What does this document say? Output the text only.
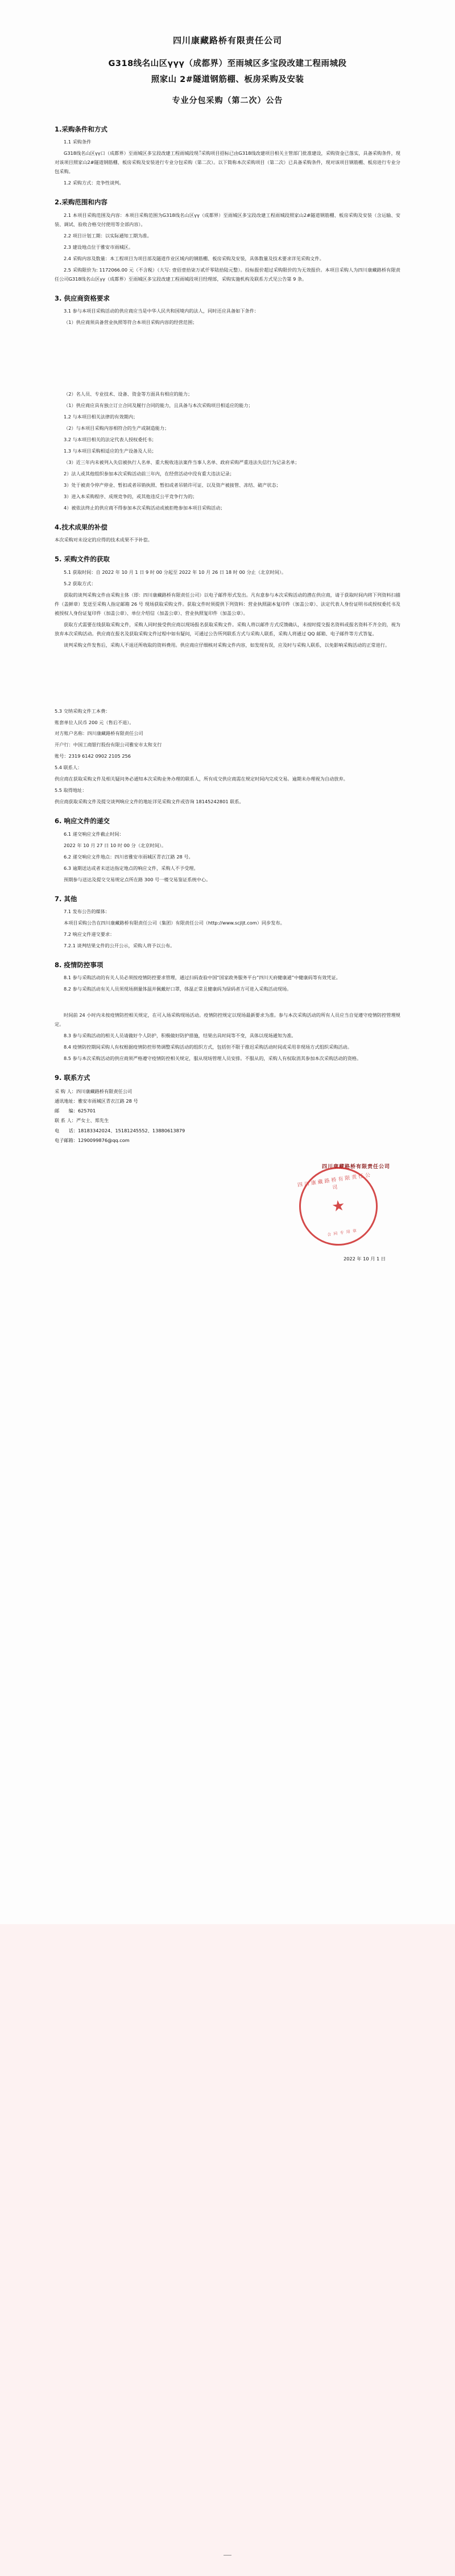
四川康藏路桥有限责任公司
G318线名山区үүү（成都界）至雨城区多宝段改建工程雨城段
照家山 2#隧道钢筋棚、板房采购及安装
专业分包采购（第二次）公告
1.采购条件和方式

1.1 采购条件

G318线名山区үү口（成都界）至雨城区多宝段改建工程雨城段现ँ采购项目招标已由G318线改建项目相关主管部门批准建设，采购资金已落实，具备采购条件，现对该项目照家山2#隧道钢筋棚、板房采购及安装进行专业分包采购（第二次）。以下简称本次采购项目（第二次）已具备采购条件，现对该项目钢筋棚、板房进行专业分包采购。

1.2 采购方式：竞争性谈判。

2.采购范围和内容

2.1 本项目采购范围及内容：本项目采购范围为G318线名山区үү（成都界）至雨城区多宝段改建工程雨城段照家山2#隧道钢筋棚、板房采购及安装（含运输、安装、调试、验收合格交付使用等全部内容）。

2.2 项目计划工期：以实际通知工期为准。

2.3 建设地点位于雅安市雨城区。

2.4 采购内容及数量：本工程项目为项目部及隧道作业区域内的钢筋棚、板房采购及安装，具体数量及技术要求详见采购文件。

2.5 采购限价为: 1172066.00 元（不含税）（大写: 壹佰壹拾柒万贰仟零陆拾陆元整）。投标报价超过采购限价的为无效报价。本项目采购人为四川康藏路桥有限责任公司G318线名山区үү（成都界）至雨城区多宝段改建工程雨城段项目经理部，采购实施机构及联系方式见公告第 9 条。

3. 供应商资格要求

3.1 参与本项目采购活动的供应商应当是中华人民共和国境内的法人，同时还应具备如下条件：

（1）供应商须具备营业执照等符合本项目采购内容的经营范围；

（2）名人员、专业技术、设备、资金等方面具有相应的能力；

（1）供应商应具有独立订立合同及履行合同的能力，且具备与本次采购项目相适应的能力；

1.2 与本项目相关法律的有效期内；

（2）与本项目采购内容相符合的生产或制造能力；

3.2 与本项目相关的法定代表人授权委托书；

1.3 与本项目采购相适应的生产设备及人员；

（3）近三年内未被列入失信被执行人名单、重大税收违法案件当事人名单、政府采购严重违法失信行为记录名单；

2）法人或其他组织参加本次采购活动前三年内，在经营活动中没有重大违法记录；

3）处于被责令停产停业、暂扣或者吊销执照、暂扣或者吊销许可证、以及资产被接管、冻结、破产状态；

3）进入本采购程序、成规竞争的，或其他违反公平竞争行为的；

4）被依法终止的供应商不得参加本次采购活动或被拒绝参加本项目采购活动；

4.技术成果的补偿

本次采购对未设定的应得的技术成果不予补偿。

5. 采购文件的获取

5.1 获取时间：自 2022 年 10 月 1 日 9 时 00 分起至 2022 年 10 月 26 日 18 时 00 分止（北京时间）。

5.2 获取方式：

获取的谈判采购文件由采购主体（即：四川康藏路桥有限责任公司）以电子邮件形式发出。凡有意参与本次采购活动的潜在供应商，请于获取时间内将下列资料扫描件（盖鲜章）发送至采购人指定邮箱 26 号 现场获取采购文件。获取文件时须提供下列资料：营业执照副本复印件（加盖公章）、法定代表人身份证明书或授权委托书及被授权人身份证复印件（加盖公章）、单位介绍信（加盖公章）、营业执照复印件（加盖公章）。

获取方式需要在线获取采购文件，采购人同时接受供应商以现场报名获取采购文件。采购人将以邮件方式反馈确认，未按时提交报名资料或报名资料不齐全的，视为放弃本次采购活动。供应商在报名及获取采购文件过程中如有疑问，可通过公告所列联系方式与采购人联系，采购人将通过 QQ 邮箱、电子邮件等方式答复。

谈判采购文件发售后，采购人不退还所收取的资料费用。供应商应仔细核对采购文件内容，如发现有误，应及时与采购人联系，以免影响采购活动的正常进行。

5.3 交纳采购文件工本费：

账套单位人民币 200 元（售后不退）。

对方账户名称：四川康藏路桥有限责任公司

开户行：中国工商银行股份有限公司雅安市太和支行

账号：2319 6142 0902 2105 256

5.4 联系人：

供应商在获取采购文件及相关疑问务必通知本次采购业务办理的联系人，所有成交供应商需在规定时间内完成交易。逾期未办理视为自动放弃。

5.5 取得地址：

供应商获取采购文件及提交谈判响应文件的地址详见采购文件或咨询 18145242801 联系。

6. 响应文件的递交

6.1 递交响应文件截止时间：

2022 年 10 月 27 日 10 时 00 分（北京时间）。

6.2 递交响应文件地点：四川省雅安市雨城区青衣江路 28 号。

6.3 逾期送达或者未送达指定地点的响应文件，采购人不予受理。

预期参与送达及提交交易规定点所在路 300 号一楼交易鉴证系统中心。

7. 其他

7.1 发布公告的媒体：

本项目采购公告在四川康藏路桥有限责任公司（集团）有限责任公司（http://www.scjljt.com）同步发布。

7.2 响应文件递交要求：

7.2.1 谈判结果文件的公开公示，采购人将予以公布。

8. 疫情防控事项

8.1 参与采购活动的有关人员必须按疫情防控要求管理，通过扫码查验中国“国家政务服务平台”四川天府健康通”中健康码等有效凭证。

8.2 参与采购活动有关人员须现场测量体温并佩戴好口罩，体温正常且健康码为绿码者方可进入采购活动现场。

时间前 24 小时内未按疫情防控相关规定，在可入场采购现场活动。疫情防控规定以现场最新要求为准。参与本次采购活动的所有人员应当自觉遵守疫情防控管理规定。

8.3 参与采购活动的相关人员请做好个人防护，积极做好防护措施，结果出具时间等不变，具体以现场通知为准。

8.4 疫情防控期间采购人有权根据疫情防控形势调整采购活动的组织方式，包括但不限于推迟采购活动时间或采用非现场方式组织采购活动。

8.5 参与本次采购活动的供应商须严格遵守疫情防控相关规定，服从现场管理人员安排。不服从的，采购人有权取消其参加本次采购活动的资格。

9. 联系方式

采 购 人：四川康藏路桥有限责任公司

通讯地址：雅安市雨城区青衣江路 28 号

邮　　编：625701

联 系 人：严女士、郑先生

电　　话：18183342024、15181245552、13880613879

电子邮箱：1290099876@qq.com

四川康藏路桥有限责任公司
四川康藏路桥有限责任公司
★
合 同 专 用 章
2022 年 10 月 1 日
